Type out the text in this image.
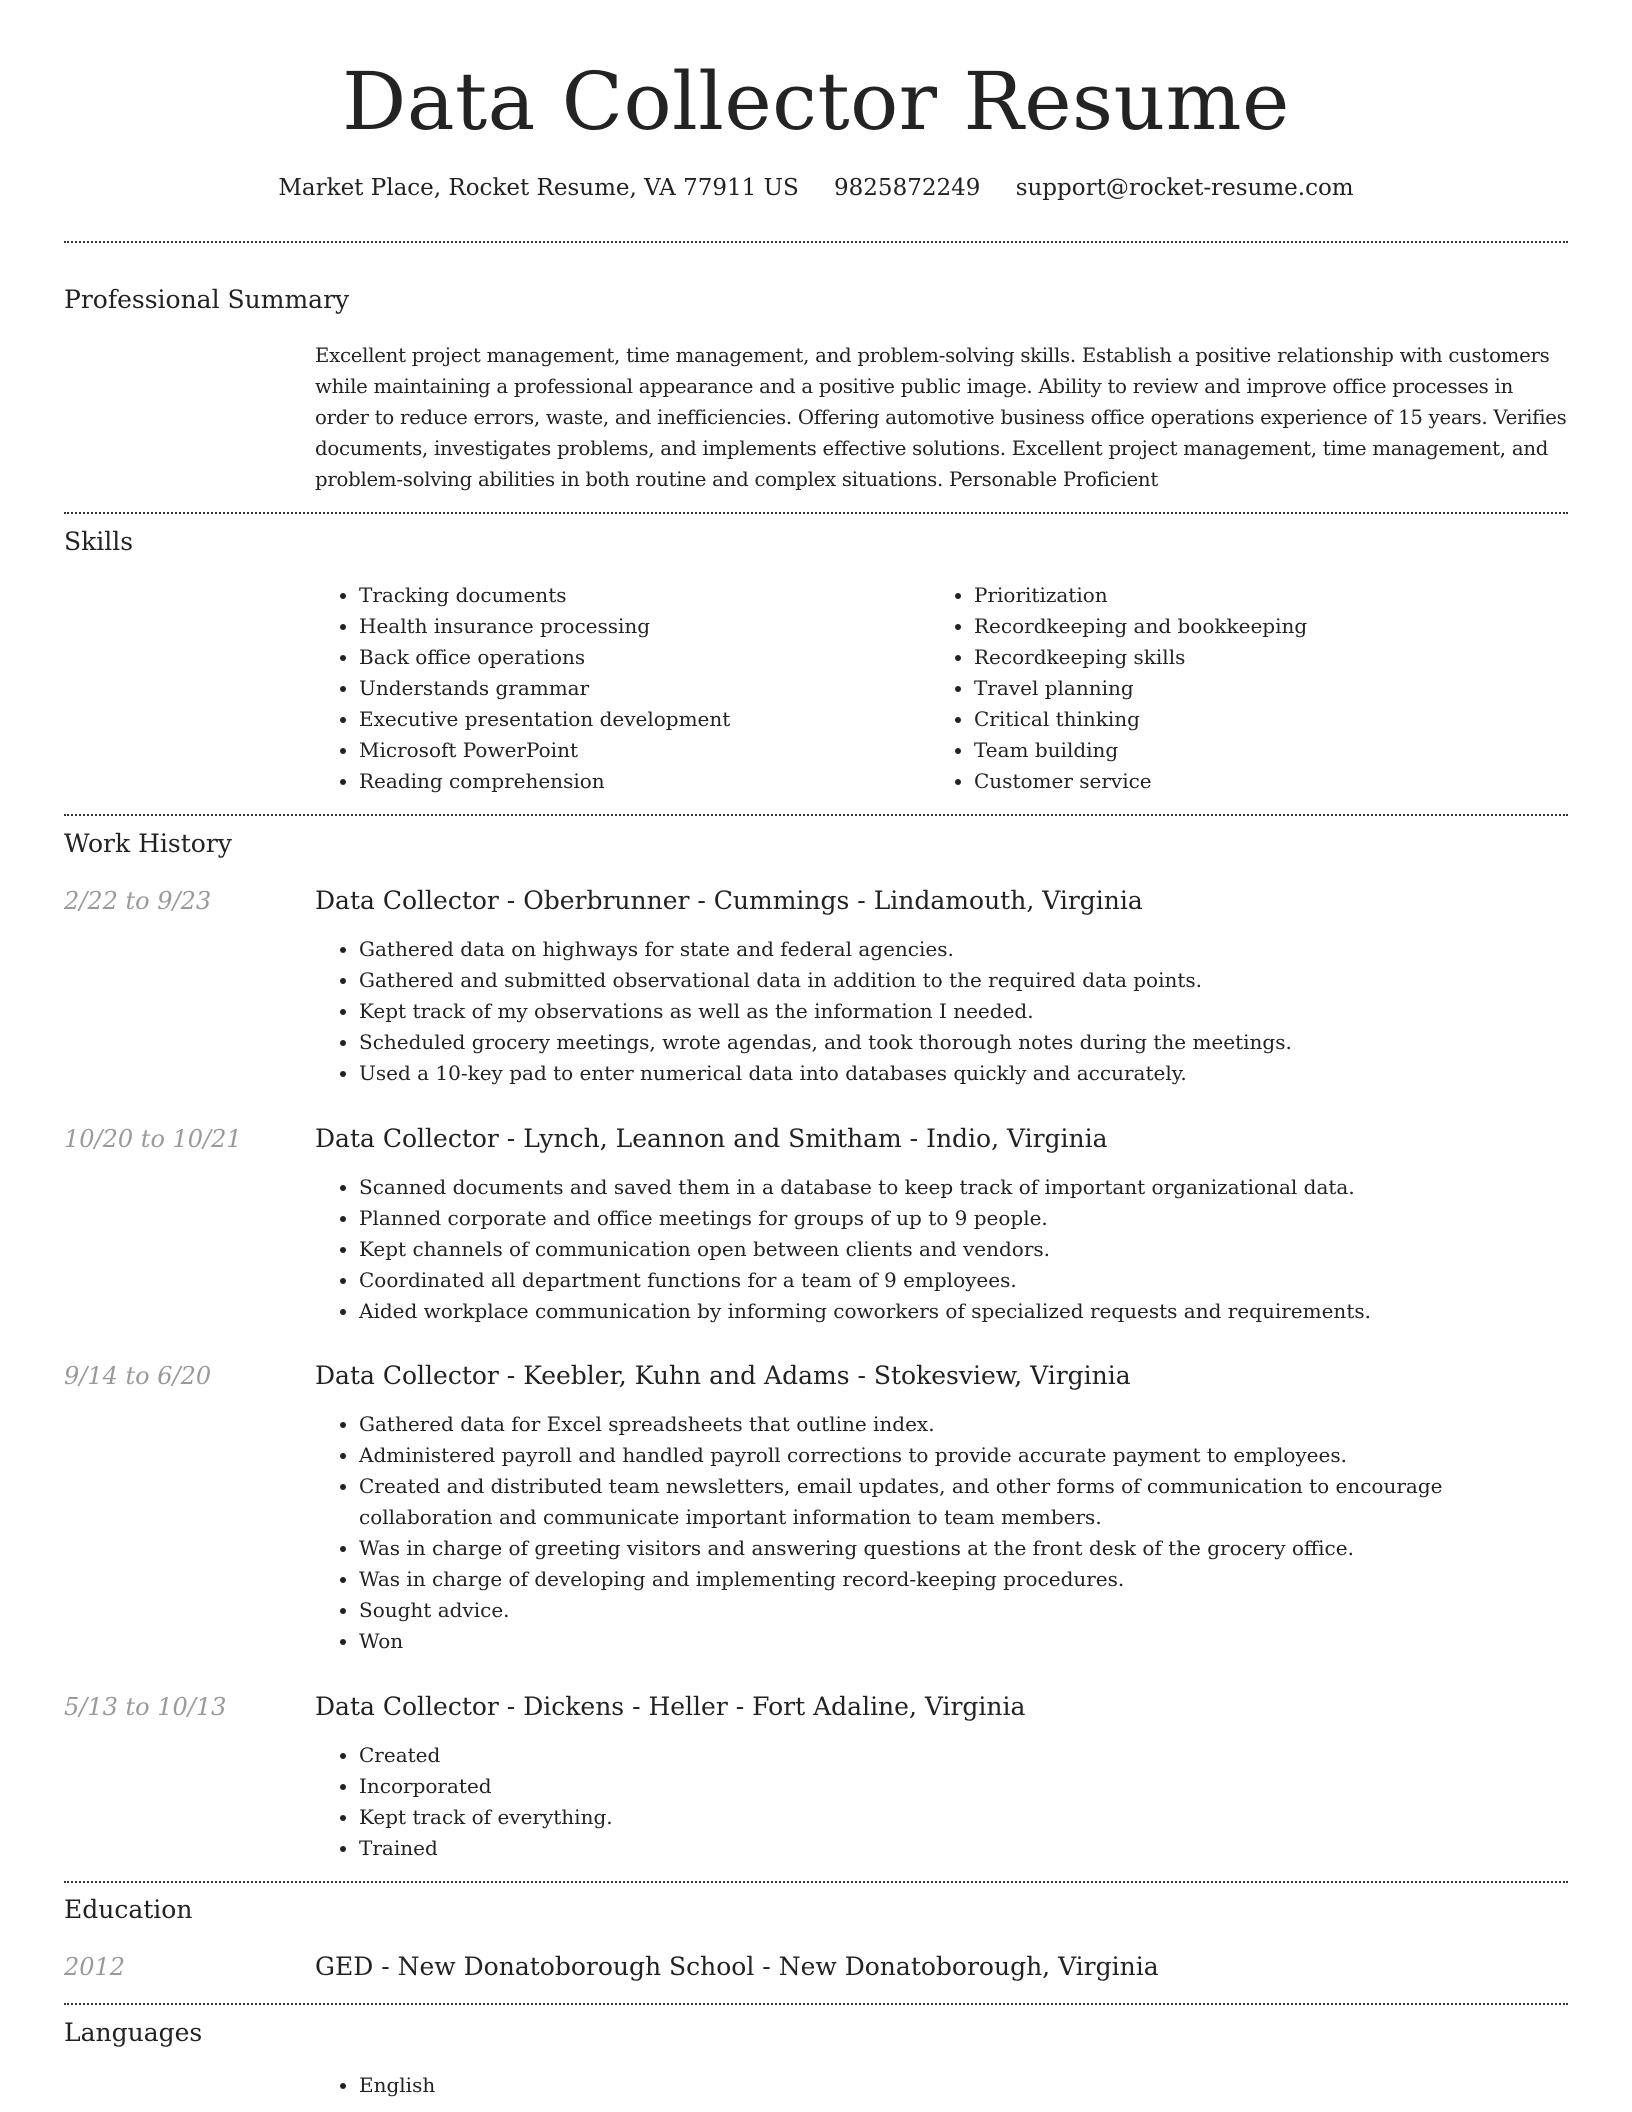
Data Collector Resume
Market Place, Rocket Resume, VA 77911 US 9825872249 support@rocket-resume.com
Professional Summary

Excellent project management, time management, and problem-solving skills. Establish a positive relationship with customers while maintaining a professional appearance and a positive public image. Ability to review and improve office processes in order to reduce errors, waste, and inefficiencies. Offering automotive business office operations experience of 15 years. Verifies documents, investigates problems, and implements effective solutions. Excellent project management, time management, and problem-solving abilities in both routine and complex situations. Personable Proficient

Skills
• Tracking documents
• Health insurance processing
• Back office operations
• Understands grammar
• Executive presentation development
• Microsoft PowerPoint
• Reading comprehension
• Prioritization
• Recordkeeping and bookkeeping
• Recordkeeping skills
• Travel planning
• Critical thinking
• Team building
• Customer service
Work History
2/22 to 9/23	Data Collector - Oberbrunner - Cummings - Lindamouth, Virginia
• Gathered data on highways for state and federal agencies.
• Gathered and submitted observational data in addition to the required data points.
• Kept track of my observations as well as the information I needed.
• Scheduled grocery meetings, wrote agendas, and took thorough notes during the meetings.
• Used a 10-key pad to enter numerical data into databases quickly and accurately.
10/20 to 10/21	Data Collector - Lynch, Leannon and Smitham - Indio, Virginia
• Scanned documents and saved them in a database to keep track of important organizational data.
• Planned corporate and office meetings for groups of up to 9 people.
• Kept channels of communication open between clients and vendors.
• Coordinated all department functions for a team of 9 employees.
• Aided workplace communication by informing coworkers of specialized requests and requirements.
9/14 to 6/20	Data Collector - Keebler, Kuhn and Adams - Stokesview, Virginia
• Gathered data for Excel spreadsheets that outline index.
• Administered payroll and handled payroll corrections to provide accurate payment to employees.
• Created and distributed team newsletters, email updates, and other forms of communication to encourage collaboration and communicate important information to team members.
• Was in charge of greeting visitors and answering questions at the front desk of the grocery office.
• Was in charge of developing and implementing record-keeping procedures.
• Sought advice.
• Won
5/13 to 10/13	Data Collector - Dickens - Heller - Fort Adaline, Virginia
• Created
• Incorporated
• Kept track of everything.
• Trained
Education
2012	GED - New Donatoborough School - New Donatoborough, Virginia
Languages
• English
